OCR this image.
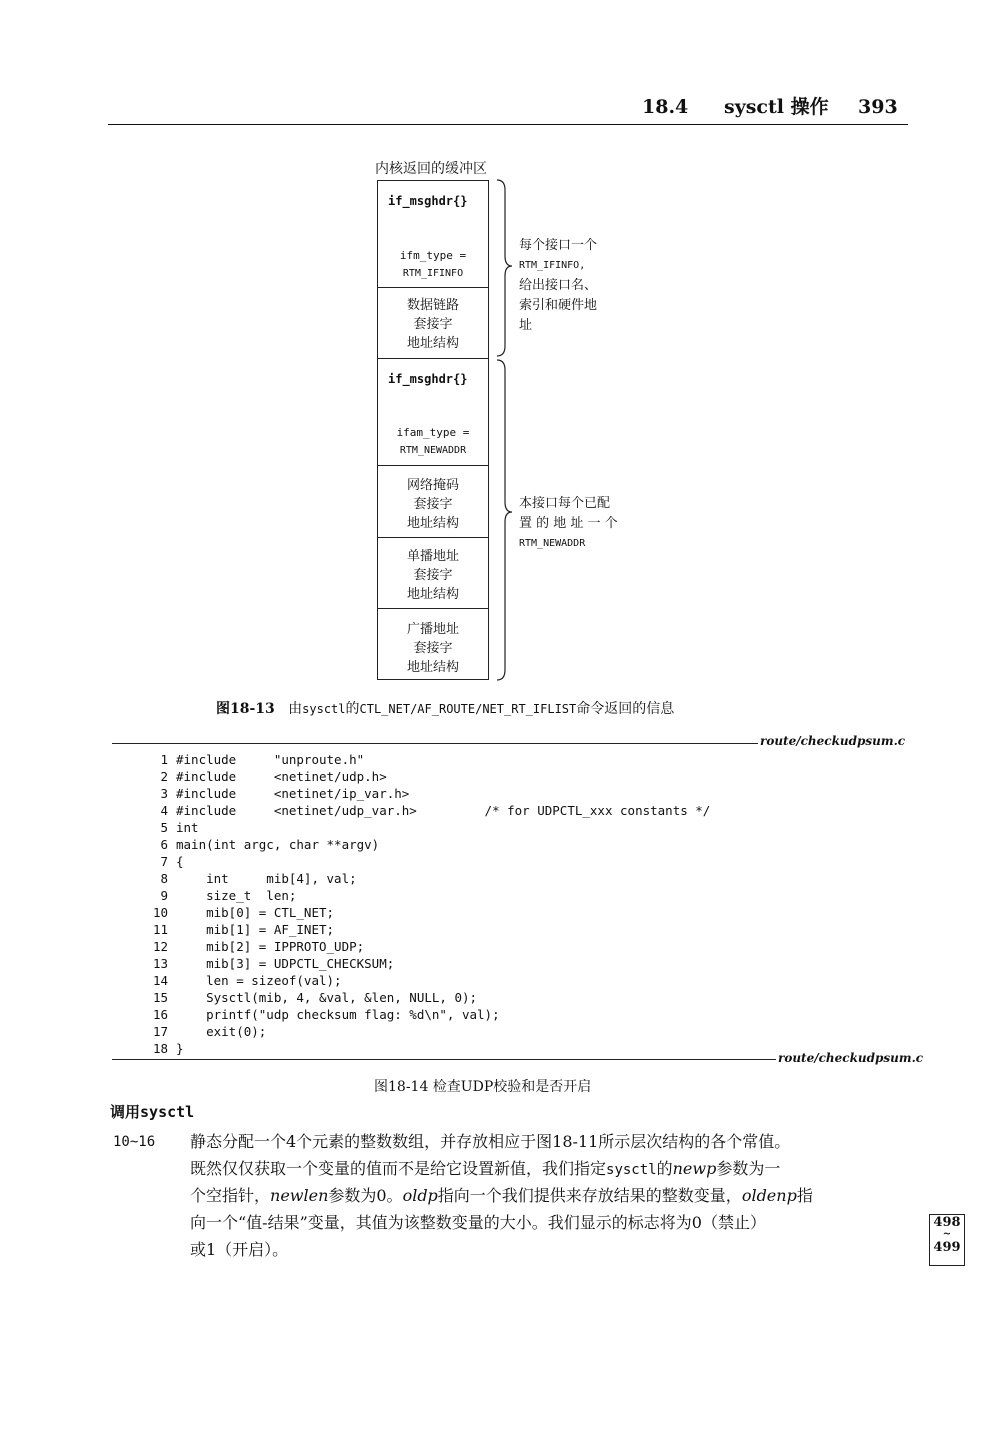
18.4 sysctl 操作 393
内核返回的缓冲区
if_msghdr{}
ifm_type =
RTM_IFINFO
数据链路
套接字
地址结构
if_msghdr{}
ifam_type =
RTM_NEWADDR
网络掩码
套接字
地址结构
单播地址
套接字
地址结构
广播地址
套接字
地址结构
每个接口一个
RTM_IFINFO,
给出接口名、
索引和硬件地
址
本接口每个已配
置 的 地 址 一 个
RTM_NEWADDR
图18-13 由sysctl的CTL_NET/AF_ROUTE/NET_RT_IFLIST命令返回的信息
route/checkudpsum.c
1 #include     "unproute.h"
2 #include     <netinet/udp.h>
3 #include     <netinet/ip_var.h>
4 #include     <netinet/udp_var.h>         /* for UDPCTL_xxx constants */
5 int
6 main(int argc, char **argv)
7 {
8    int     mib[4], val;
9    size_t  len;
10    mib[0] = CTL_NET;
11    mib[1] = AF_INET;
12    mib[2] = IPPROTO_UDP;
13    mib[3] = UDPCTL_CHECKSUM;
14    len = sizeof(val);
15    Sysctl(mib, 4, &val, &len, NULL, 0);
16    printf("udp checksum flag: %d\n", val);
17    exit(0);
18 }
route/checkudpsum.c
图18-14 检查UDP校验和是否开启
调用sysctl
10~16 静态分配一个4个元素的整数数组，并存放相应于图18-11所示层次结构的各个常值。
既然仅仅获取一个变量的值而不是给它设置新值，我们指定sysctl的newp参数为一
个空指针，newlen参数为0。oldp指向一个我们提供来存放结果的整数变量，oldenp指
向一个“值-结果”变量，其值为该整数变量的大小。我们显示的标志将为0（禁止）
或1（开启）。
498
~
499
